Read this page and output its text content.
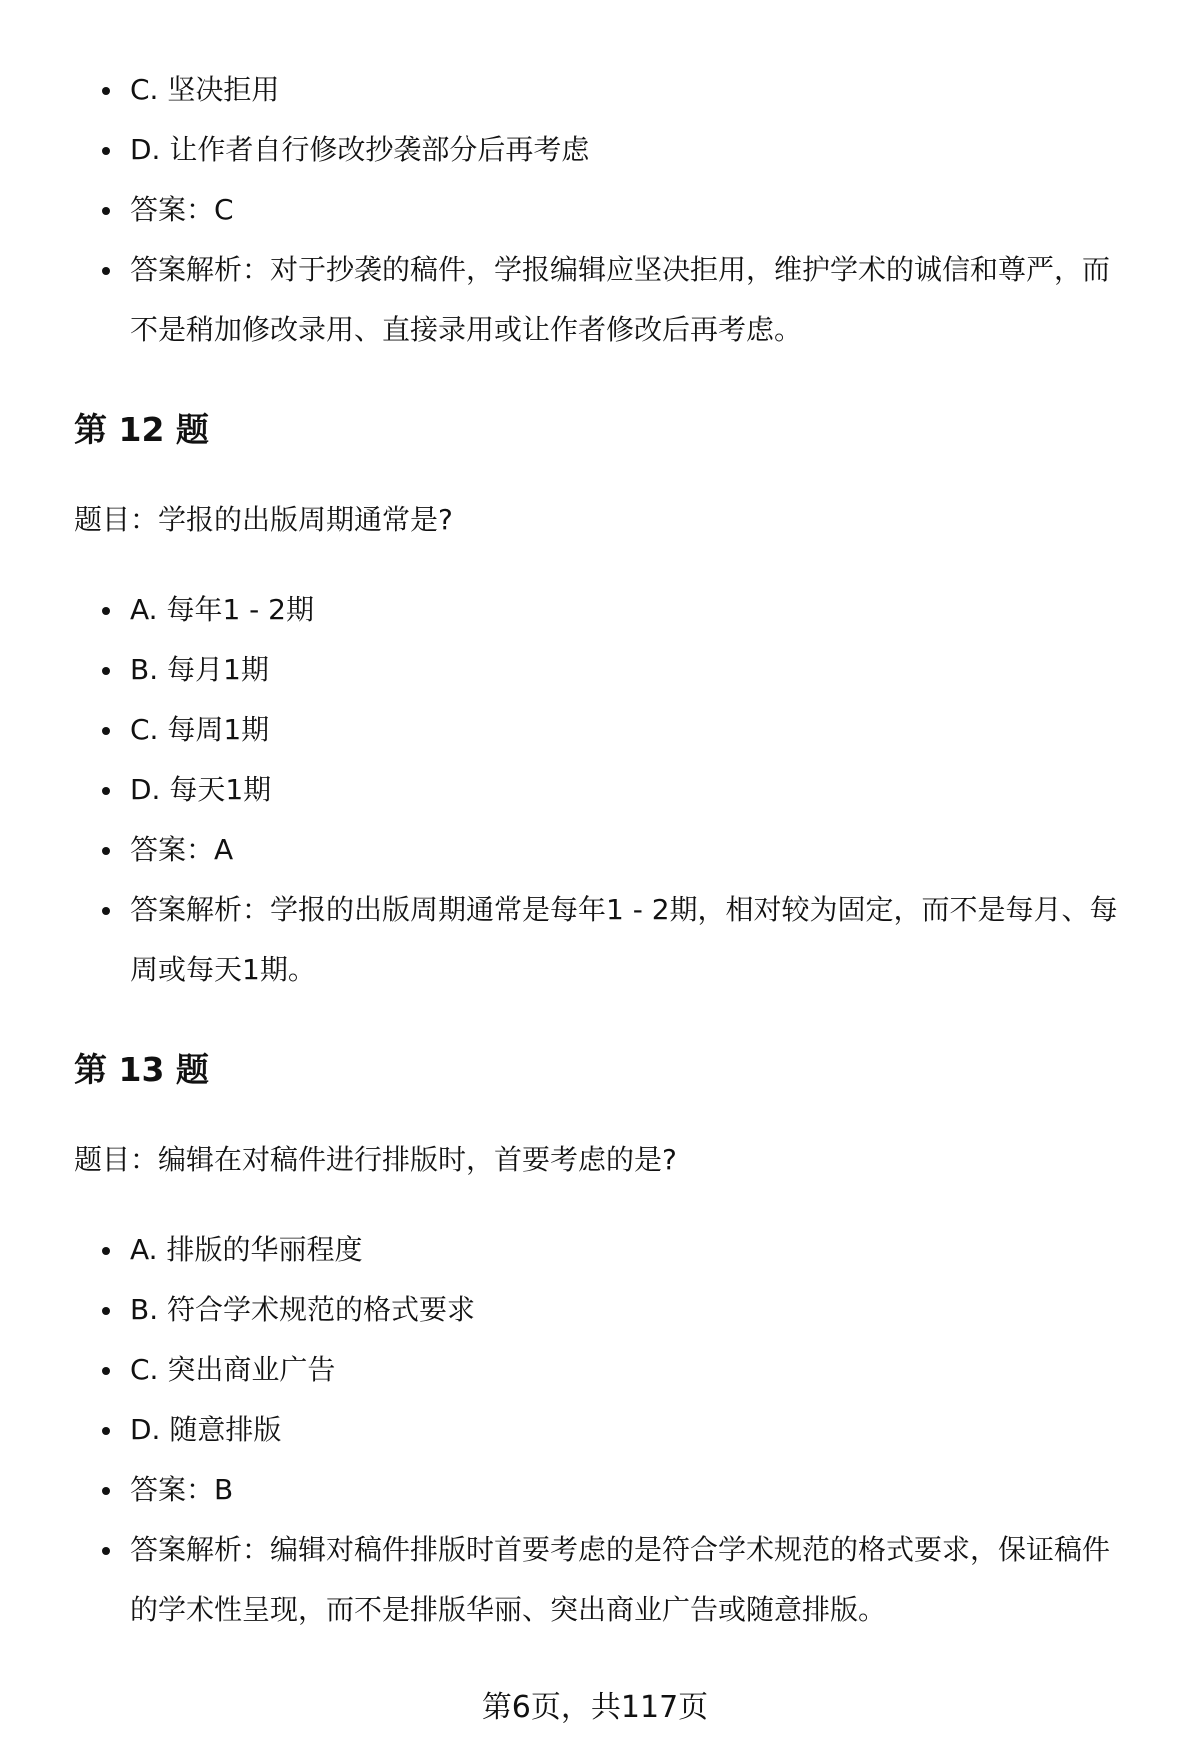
C. 坚决拒用
D. 让作者自行修改抄袭部分后再考虑
答案：C
答案解析：对于抄袭的稿件，学报编辑应坚决拒用，维护学术的诚信和尊严，而不是稍加修改录用、直接录用或让作者修改后再考虑。
第 12 题

题目：学报的出版周期通常是?

A. 每年1 - 2期
B. 每月1期
C. 每周1期
D. 每天1期
答案：A
答案解析：学报的出版周期通常是每年1 - 2期，相对较为固定，而不是每月、每周或每天1期。
第 13 题

题目：编辑在对稿件进行排版时，首要考虑的是?

A. 排版的华丽程度
B. 符合学术规范的格式要求
C. 突出商业广告
D. 随意排版
答案：B
答案解析：编辑对稿件排版时首要考虑的是符合学术规范的格式要求，保证稿件的学术性呈现，而不是排版华丽、突出商业广告或随意排版。
第6页，共117页
